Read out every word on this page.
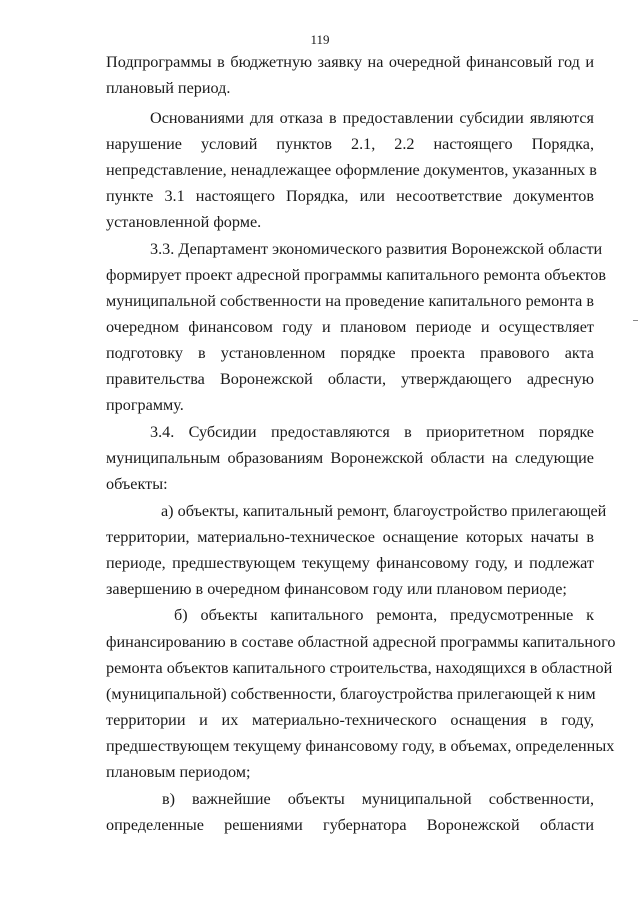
119
Подпрограммы в бюджетную заявку на очередной финансовый год и
плановый период.
Основаниями для отказа в предоставлении субсидии являются
нарушение условий пунктов 2.1, 2.2 настоящего Порядка,
непредставление, ненадлежащее оформление документов, указанных в
пункте 3.1 настоящего Порядка, или несоответствие документов
установленной форме.
3.3. Департамент экономического развития Воронежской области
формирует проект адресной программы капитального ремонта объектов
муниципальной собственности на проведение капитального ремонта в
очередном финансовом году и плановом периоде и осуществляет
подготовку в установленном порядке проекта правового акта
правительства Воронежской области, утверждающего адресную
программу.
3.4. Субсидии предоставляются в приоритетном порядке
муниципальным образованиям Воронежской области на следующие
объекты:
а) объекты, капитальный ремонт, благоустройство прилегающей
территории, материально-техническое оснащение которых начаты в
периоде, предшествующем текущему финансовому году, и подлежат
завершению в очередном финансовом году или плановом периоде;
б) объекты капитального ремонта, предусмотренные к
финансированию в составе областной адресной программы капитального
ремонта объектов капитального строительства, находящихся в областной
(муниципальной) собственности, благоустройства прилегающей к ним
территории и их материально-технического оснащения в году,
предшествующем текущему финансовому году, в объемах, определенных
плановым периодом;
в) важнейшие объекты муниципальной собственности,
определенные решениями губернатора Воронежской области
